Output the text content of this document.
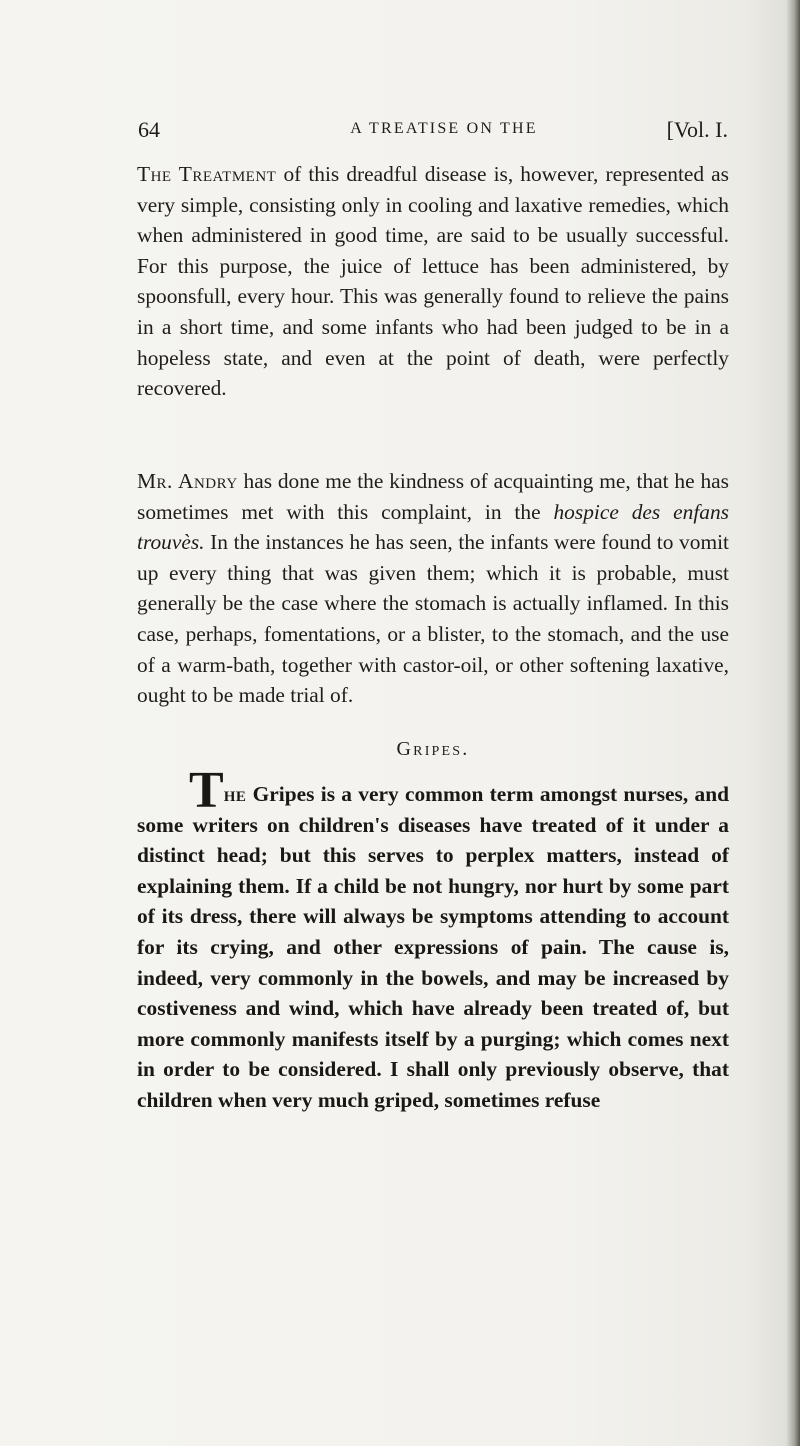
64	A TREATISE ON THE	[Vol. I.

The Treatment of this dreadful disease is, however, represented as very simple, consisting only in cooling and laxative remedies, which when administered in good time, are said to be usually successful. For this purpose, the juice of lettuce has been administered, by spoonsfull, every hour. This was generally found to relieve the pains in a short time, and some infants who had been judged to be in a hopeless state, and even at the point of death, were perfectly recovered.

Mr. Andry has done me the kindness of acquainting me, that he has sometimes met with this complaint, in the hospice des enfans trouvès. In the instances he has seen, the infants were found to vomit up every thing that was given them; which it is probable, must generally be the case where the stomach is actually inflamed. In this case, perhaps, fomentations, or a blister, to the stomach, and the use of a warm-bath, together with castor-oil, or other softening laxative, ought to be made trial of.

Gripes.

The Gripes is a very common term amongst nurses, and some writers on children's diseases have treated of it under a distinct head; but this serves to perplex matters, instead of explaining them. If a child be not hungry, nor hurt by some part of its dress, there will always be symptoms attending to account for its crying, and other expressions of pain. The cause is, indeed, very commonly in the bowels, and may be increased by costiveness and wind, which have already been treated of, but more commonly manifests itself by a purging; which comes next in order to be considered. I shall only previously observe, that children when very much griped, sometimes refuse
